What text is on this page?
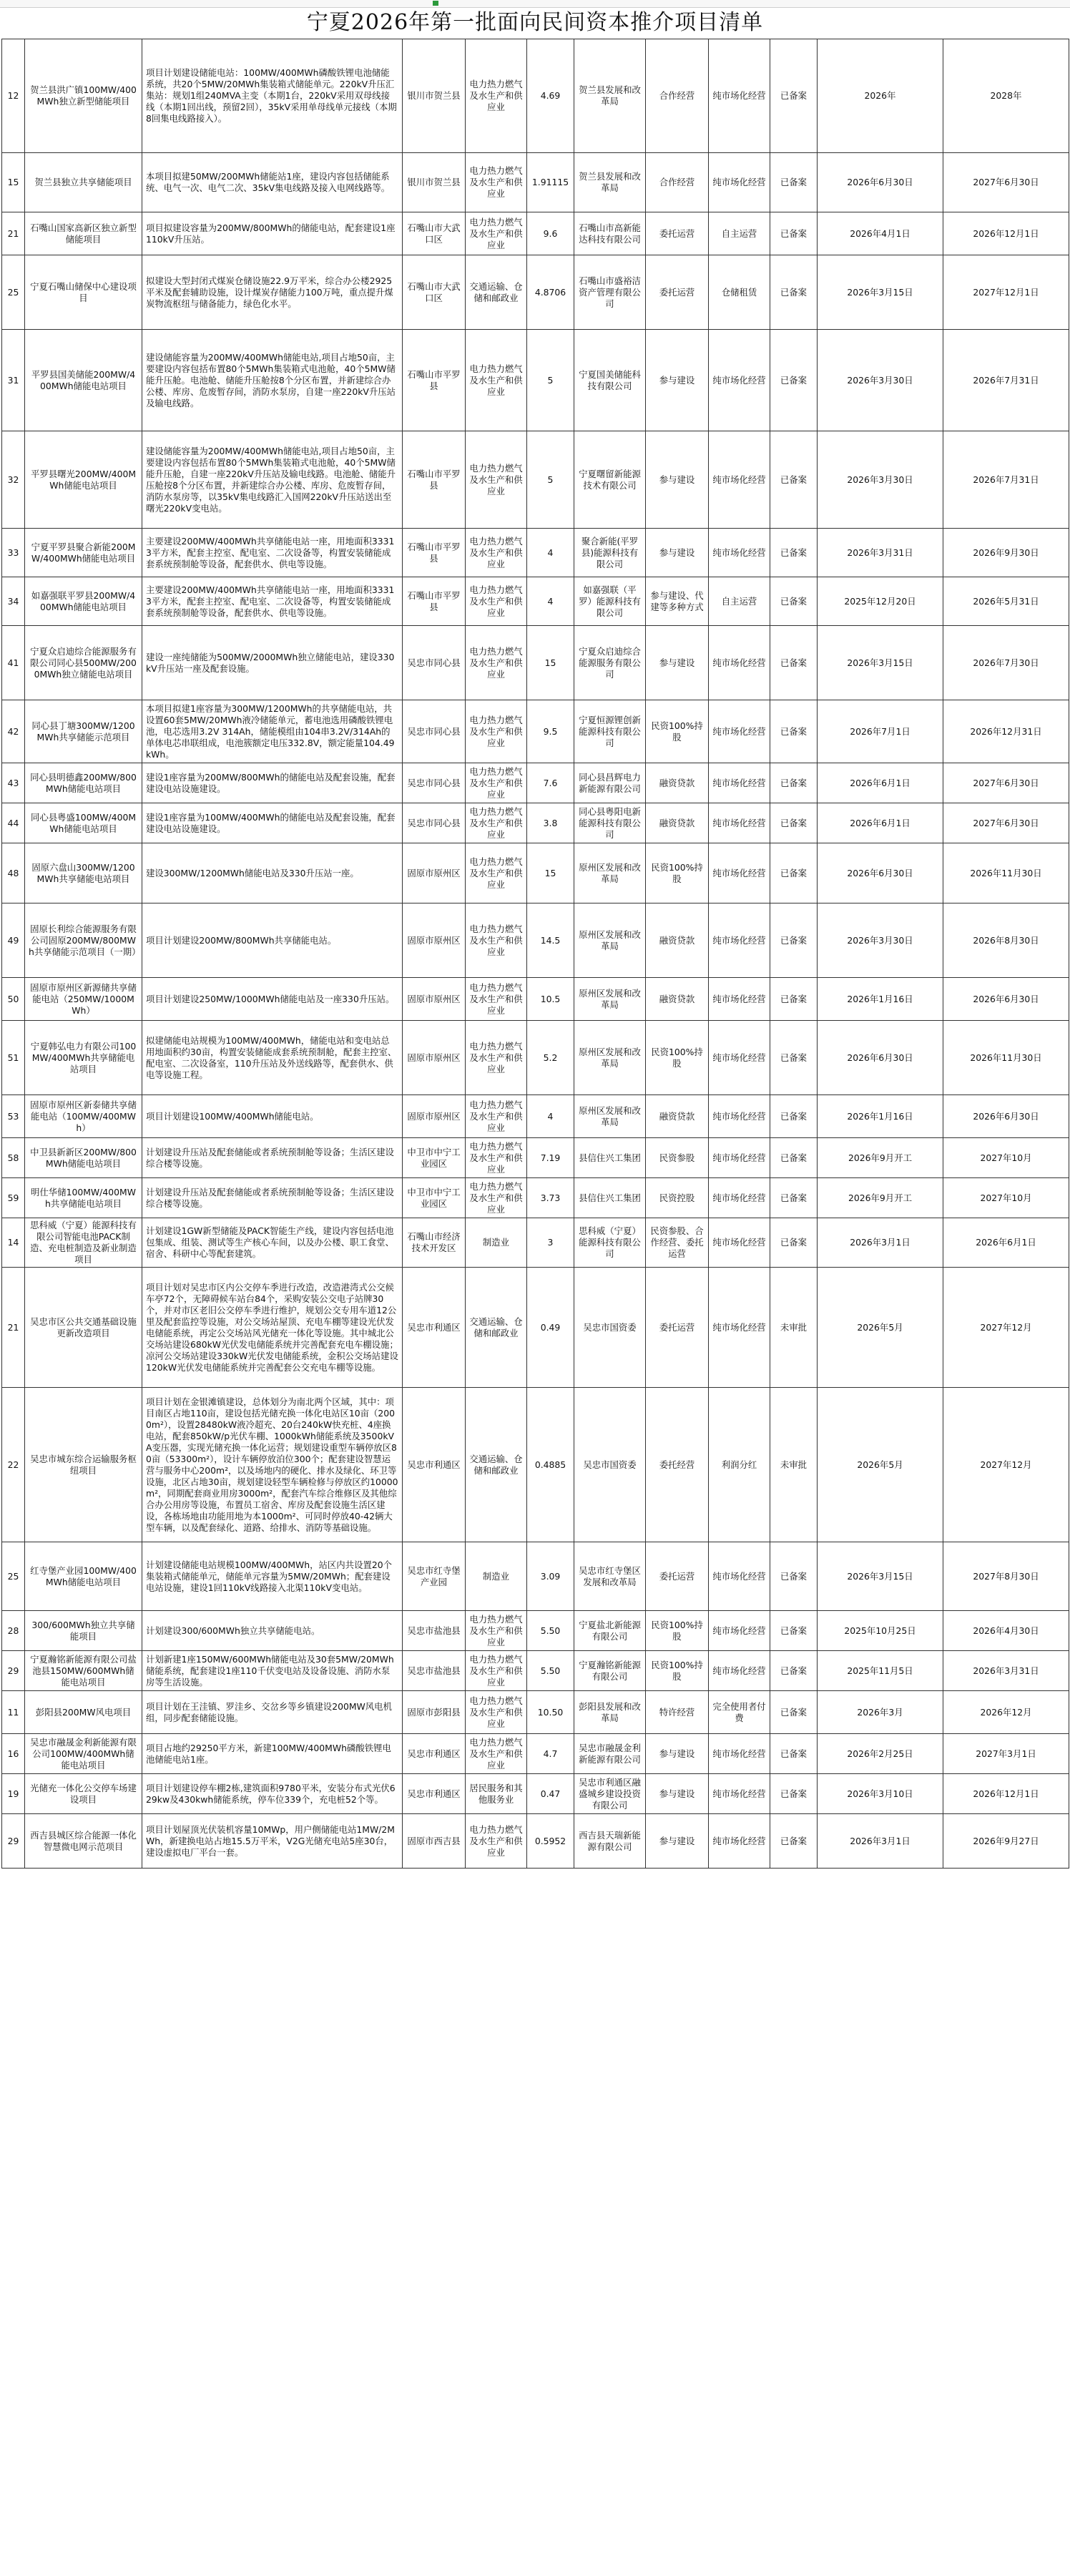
宁夏2026年第一批面向民间资本推介项目清单
12	贺兰县洪广镇100MW/400MWh独立新型储能项目	项目计划建设储能电站：100MW/400MWh磷酸铁锂电池储能系统，共20个5MW/20MWh集装箱式储能单元。220kV升压汇集站：规划1组240MVA主变（本期1台，220kV采用双母线接线（本期1回出线，预留2回），35kV采用单母线单元接线（本期8回集电线路接入）。	银川市贺兰县	电力热力燃气及水生产和供应业	4.69	贺兰县发展和改革局	合作经营	纯市场化经营	已备案	2026年	2028年
15	贺兰县独立共享储能项目	本项目拟建50MW/200MWh储能站1座，建设内容包括储能系统、电气一次、电气二次、35kV集电线路及接入电网线路等。	银川市贺兰县	电力热力燃气及水生产和供应业	1.91115	贺兰县发展和改革局	合作经营	纯市场化经营	已备案	2026年6月30日	2027年6月30日
21	石嘴山国家高新区独立新型储能项目	项目拟建设容量为200MW/800MWh的储能电站，配套建设1座110kV升压站。	石嘴山市大武口区	电力热力燃气及水生产和供应业	9.6	石嘴山市高新能达科技有限公司	委托运营	自主运营	已备案	2026年4月1日	2026年12月1日
25	宁夏石嘴山储保中心建设项目	拟建设大型封闭式煤炭仓储设施22.9万平米，综合办公楼2925平米及配套辅助设施，设计煤炭存储能力100万吨，重点提升煤炭物流枢纽与储备能力，绿色化水平。	石嘴山市大武口区	交通运输、仓储和邮政业	4.8706	石嘴山市盛裕洁资产管理有限公司	委托运营	仓储租赁	已备案	2026年3月15日	2027年12月1日
31	平罗县国美储能200MW/400MWh储能电站项目	建设储能容量为200MW/400MWh储能电站,项目占地50亩，主要建设内容包括布置80个5MWh集装箱式电池舱，40个5MW储能升压舱。电池舱、储能升压舱按8个分区布置，并新建综合办公楼、库房、危废暂存间，消防水泵房，自建一座220kV升压站及输电线路。	石嘴山市平罗县	电力热力燃气及水生产和供应业	5	宁夏国美储能科技有限公司	参与建设	纯市场化经营	已备案	2026年3月30日	2026年7月31日
32	平罗县曙光200MW/400MWh储能电站项目	建设储能容量为200MW/400MWh储能电站,项目占地50亩，主要建设内容包括布置80个5MWh集装箱式电池舱，40个5MW储能升压舱，自建一座220kV升压站及输电线路。电池舱、储能升压舱按8个分区布置，并新建综合办公楼、库房、危废暂存间，消防水泵房等，以35kV集电线路汇入国网220kV升压站送出至曙光220kV变电站。	石嘴山市平罗县	电力热力燃气及水生产和供应业	5	宁夏曙留新能源技术有限公司	参与建设	纯市场化经营	已备案	2026年3月30日	2026年7月31日
33	宁夏平罗县聚合新能200MW/400MWh储能电站项目	主要建设200MW/400MWh共享储能电站一座，用地面积33313平方米，配套主控室、配电室、二次设备等，构置安装储能成套系统预制舱等设备，配套供水、供电等设施。	石嘴山市平罗县	电力热力燃气及水生产和供应业	4	聚合新能(平罗县)能源科技有限公司	参与建设	纯市场化经营	已备案	2026年3月31日	2026年9月30日
34	如嘉强联平罗县200MW/400MWh储能电站项目	主要建设200MW/400MWh共享储能电站一座，用地面积33313平方米，配套主控室、配电室、二次设备等，构置安装储能成套系统预制舱等设备，配套供水、供电等设施。	石嘴山市平罗县	电力热力燃气及水生产和供应业	4	如嘉强联（平罗）能源科技有限公司	参与建设、代建等多种方式	自主运营	已备案	2025年12月20日	2026年5月31日
41	宁夏众启迪综合能源服务有限公司同心县500MW/2000MWh独立储能电站项目	建设一座纯储能为500MW/2000MWh独立储能电站，建设330kV升压站一座及配套设施。	吴忠市同心县	电力热力燃气及水生产和供应业	15	宁夏众启迪综合能源服务有限公司	参与建设	纯市场化经营	已备案	2026年3月15日	2026年7月30日
42	同心县丁塘300MW/1200MWh共享储能示范项目	本项目拟建1座容量为300MW/1200MWh的共享储能电站，共设置60套5MW/20MWh液冷储能单元，蓄电池选用磷酸铁锂电池，电芯选用3.2V 314Ah，储能模组由104串3.2V/314Ah的单体电芯串联组成，电池簇额定电压332.8V，额定能量104.49kWh。	吴忠市同心县	电力热力燃气及水生产和供应业	9.5	宁夏恒源锂创新能源科技有限公司	民资100%持股	纯市场化经营	已备案	2026年7月1日	2026年12月31日
43	同心县明德鑫200MW/800MWh储能电站项目	建设1座容量为200MW/800MWh的储能电站及配套设施，配套建设电站设施建设。	吴忠市同心县	电力热力燃气及水生产和供应业	7.6	同心县昌辉电力新能源有限公司	融资贷款	纯市场化经营	已备案	2026年6月1日	2027年6月30日
44	同心县粤盛100MW/400MWh储能电站项目	建设1座容量为100MW/400MWh的储能电站及配套设施，配套建设电站设施建设。	吴忠市同心县	电力热力燃气及水生产和供应业	3.8	同心县粤阳电新能源科技有限公司	融资贷款	纯市场化经营	已备案	2026年6月1日	2027年6月30日
48	固原六盘山300MW/1200MWh共享储能电站项目	建设300MW/1200MWh储能电站及330升压站一座。	固原市原州区	电力热力燃气及水生产和供应业	15	原州区发展和改革局	民资100%持股	纯市场化经营	已备案	2026年6月30日	2026年11月30日
49	固原长利综合能源服务有限公司固原200MW/800MWh共享储能示范项目（一期）	项目计划建设200MW/800MWh共享储能电站。	固原市原州区	电力热力燃气及水生产和供应业	14.5	原州区发展和改革局	融资贷款	纯市场化经营	已备案	2026年3月30日	2026年8月30日
50	固原市原州区新源储共享储能电站（250MW/1000MWh）	项目计划建设250MW/1000MWh储能电站及一座330升压站。	固原市原州区	电力热力燃气及水生产和供应业	10.5	原州区发展和改革局	融资贷款	纯市场化经营	已备案	2026年1月16日	2026年6月30日
51	宁夏韩弘电力有限公司100MW/400MWh共享储能电站项目	拟建储能电站规模为100MW/400MWh，储能电站和变电站总用地面积约30亩，构置安装储能成套系统预制舱，配套主控室、配电室、二次设备室，110升压站及外送线路等，配套供水、供电等设施工程。	固原市原州区	电力热力燃气及水生产和供应业	5.2	原州区发展和改革局	民资100%持股	纯市场化经营	已备案	2026年6月30日	2026年11月30日
53	固原市原州区新泰储共享储能电站（100MW/400MWh）	项目计划建设100MW/400MWh储能电站。	固原市原州区	电力热力燃气及水生产和供应业	4	原州区发展和改革局	融资贷款	纯市场化经营	已备案	2026年1月16日	2026年6月30日
58	中卫县新新区200MW/800MWh储能电站项目	计划建设升压站及配套储能或者系统预制舱等设备；生活区建设综合楼等设施。	中卫市中宁工业园区	电力热力燃气及水生产和供应业	7.19	县信住兴工集团	民资参股	纯市场化经营	已备案	2026年9月开工	2027年10月
59	明仕华储100MW/400MWh共享储能电站项目	计划建设升压站及配套储能或者系统预制舱等设备；生活区建设综合楼等设施。	中卫市中宁工业园区	电力热力燃气及水生产和供应业	3.73	县信住兴工集团	民资控股	纯市场化经营	已备案	2026年9月开工	2027年10月
14	思科威（宁夏）能源科技有限公司智能电池PACK制造、充电桩制造及新业制造项目	计划建设1GW新型储能及PACK智能生产线，建设内容包括电池包集成、组装、测试等生产核心车间，以及办公楼、职工食堂、宿舍、科研中心等配套建筑。	石嘴山市经济技术开发区	制造业	3	思科威（宁夏）能源科技有限公司	民资参股、合作经营、委托运营	纯市场化经营	已备案	2026年3月1日	2026年6月1日
21	吴忠市区公共交通基础设施更新改造项目	项目计划对吴忠市区内公交停车季进行改造，改造港湾式公交候车亭72个，无障碍候车站台84个，采购安装公交电子站牌30个，并对市区老旧公交停车季进行维护，规划公交专用车道12公里及配套监控等设施，对公交场站屋顶、充电车棚等建设光伏发电储能系统，再定公交场站风光储充一体化等设施。其中城北公交场站建设680kW光伏发电储能系统并完善配套充电车棚设施；凉河公交场站建设330kW光伏发电储能系统，金积公交场站建设120kW光伏发电储能系统并完善配套公交充电车棚等设施。	吴忠市利通区	交通运输、仓储和邮政业	0.49	吴忠市国资委	委托运营	纯市场化经营	未审批	2026年5月	2027年12月
22	吴忠市城东综合运输服务枢纽项目	项目计划在金银滩镇建设，总体划分为南北两个区域，其中：项目南区占地110亩，建设包括光储充换一体化电站区10亩（2000m²），设置28480kW液冷超充、20台240kW快充桩、4座换电站，配套850kW/p光伏车棚、1000kWh储能系统及3500kVA变压器，实现光储充换一体化运营；规划建设重型车辆停放区80亩（53300m²），设计车辆停放泊位300个；配套建设智慧运营与服务中心200m²，以及场地内的硬化、排水及绿化、环卫等设施，北区占地30亩，规划建设轻型车辆检修与停放区约10000m²，同期配套商业用房3000m²，配套汽车综合维修区及其他综合办公用房等设施，布置员工宿舍、库房及配套设施生活区建设，各栋场地由功能用地为本1000m²、可同时停放40-42辆大型车辆，以及配套绿化、道路、给排水、消防等基础设施。	吴忠市利通区	交通运输、仓储和邮政业	0.4885	吴忠市国资委	委托经营	利润分红	未审批	2026年5月	2027年12月
25	红寺堡产业园100MW/400MWh储能电站项目	计划建设储能电站规模100MW/400MWh，站区内共设置20个集装箱式储能单元，储能单元容量为5MW/20MWh；配套建设电站设施，建设1回110kV线路接入北渠110kV变电站。	吴忠市红寺堡产业园	制造业	3.09	吴忠市红寺堡区发展和改革局	委托运营	纯市场化经营	已备案	2026年3月15日	2027年8月30日
28	300/600MWh独立共享储能项目	计划建设300/600MWh独立共享储能电站。	吴忠市盐池县	电力热力燃气及水生产和供应业	5.50	宁夏盐北新能源有限公司	民资100%持股	纯市场化经营	已备案	2025年10月25日	2026年4月30日
29	宁夏瀚铭新能源有限公司盐池县150MW/600MWh储能电站项目	计划新建1座150MW/600MWh储能电站及30套5MW/20MWh储能系统，配套建设1座110千伏变电站及设备设施、消防水泵房等生活设施。	吴忠市盐池县	电力热力燃气及水生产和供应业	5.50	宁夏瀚铭新能源有限公司	民资100%持股	纯市场化经营	已备案	2025年11月5日	2026年3月31日
11	彭阳县200MW风电项目	项目计划在王洼镇、罗洼乡、交岔乡等乡镇建设200MW风电机组，同步配套储能设施。	固原市彭阳县	电力热力燃气及水生产和供应业	10.50	彭阳县发展和改革局	特许经营	完全使用者付费	已备案	2026年3月	2026年12月
16	吴忠市融晟金利新能源有限公司100MW/400MWh储能电站项目	项目占地约29250平方米，新建100MW/400MWh磷酸铁锂电池储能电站1座。	吴忠市利通区	电力热力燃气及水生产和供应业	4.7	吴忠市融晟金利新能源有限公司	参与建设	纯市场化经营	已备案	2026年2月25日	2027年3月1日
19	光储充一体化公交停车场建设项目	项目计划建设停车棚2栋,建筑面积9780平米，安装分布式光伏629kw及430kwh储能系统，停车位339个，充电桩52个等。	吴忠市利通区	居民服务和其他服务业	0.47	吴忠市利通区融盛城乡建设投资有限公司	参与建设	纯市场化经营	已备案	2026年3月10日	2026年12月1日
29	西吉县城区综合能源一体化智慧微电网示范项目	项目计划屋顶光伏装机容量10MWp，用户侧储能电站1MW/2MWh，新建换电站占地15.5万平米，V2G光储充电站5座30台，建设虚拟电厂平台一套。	固原市西吉县	电力热力燃气及水生产和供应业	0.5952	西吉县天瑞新能源有限公司	参与建设	纯市场化经营	已备案	2026年3月1日	2026年9月27日
